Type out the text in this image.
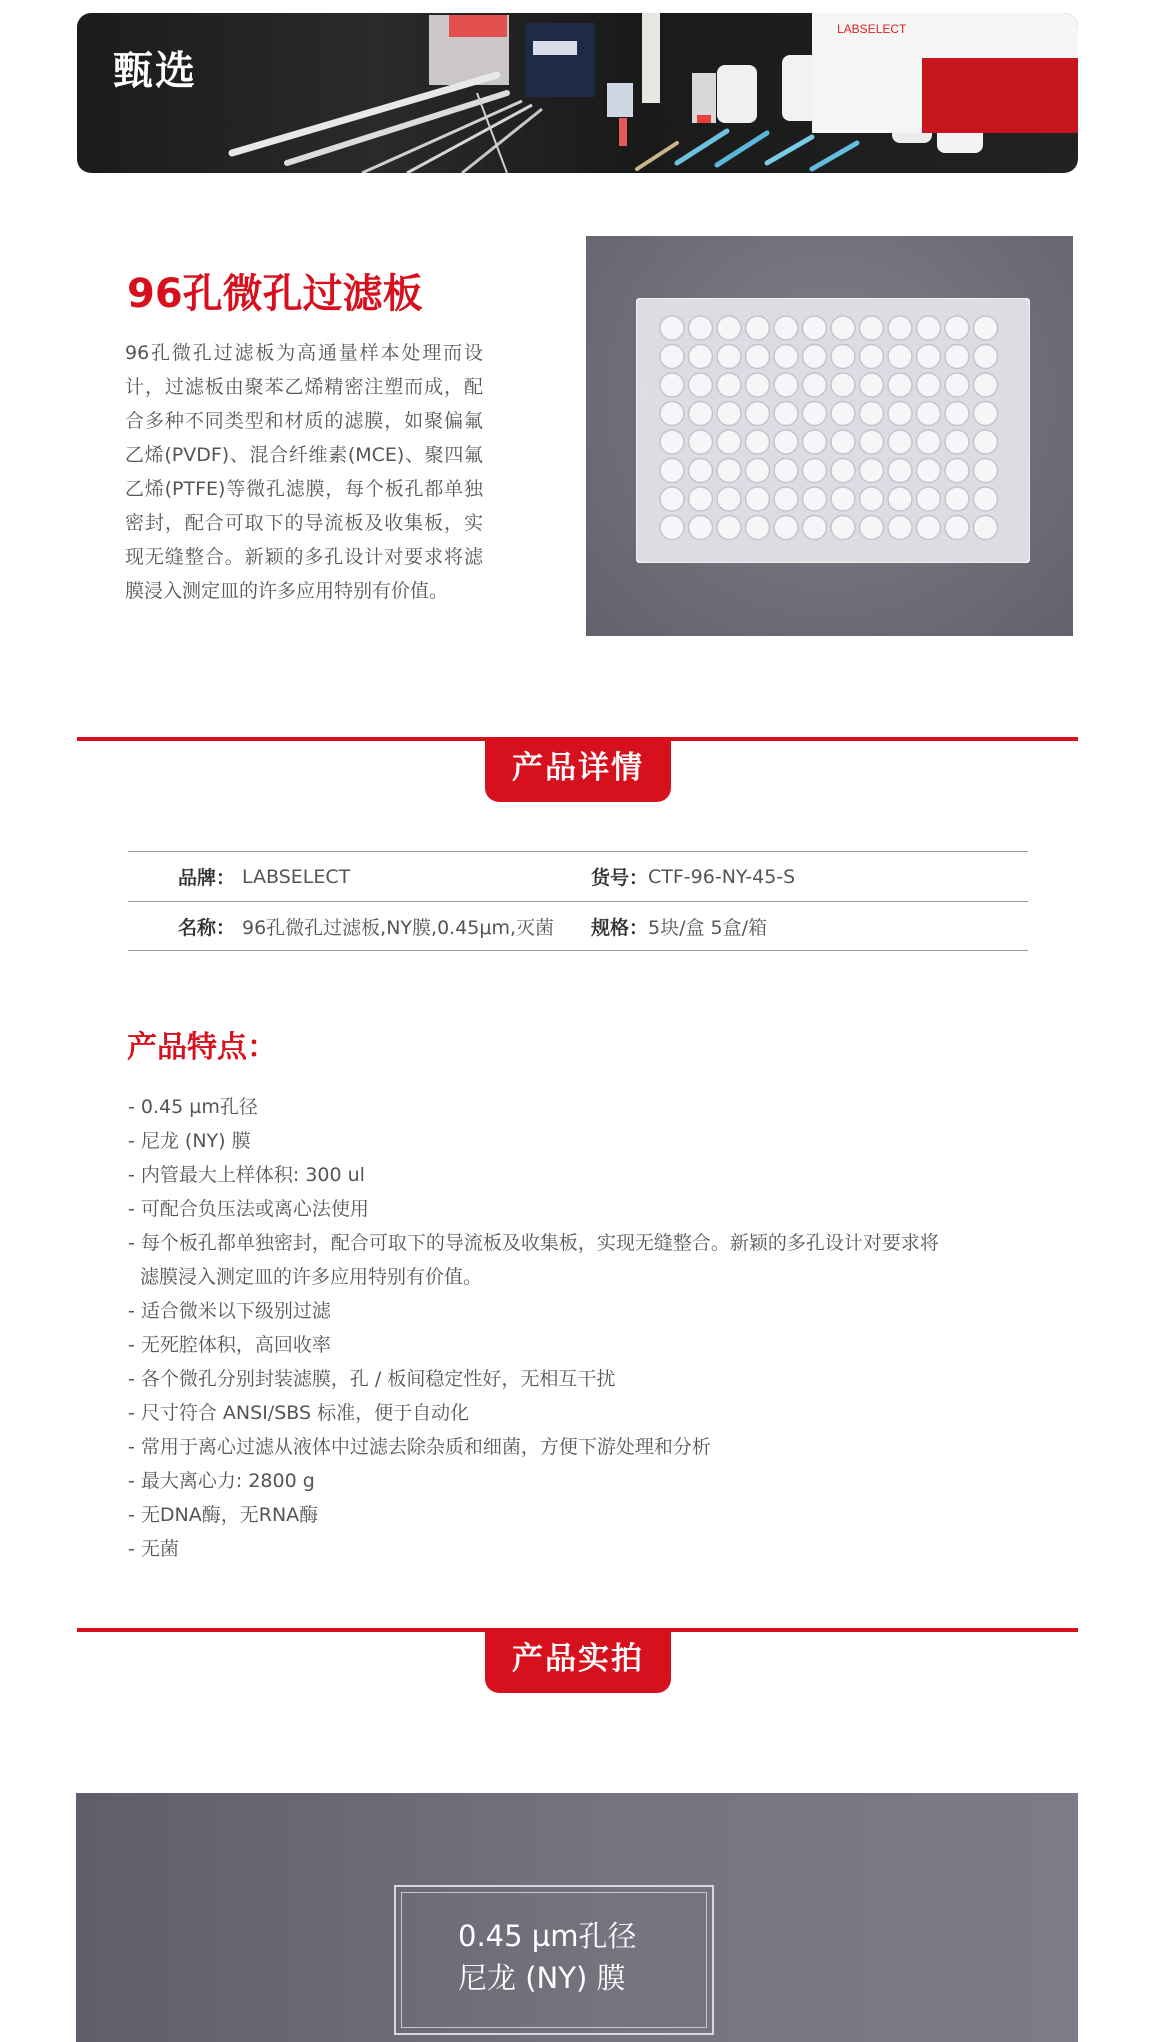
LABSELECT
甄选
96孔微孔过滤板

96孔微孔过滤板为高通量样本处理而设计，过滤板由聚苯乙烯精密注塑而成，配合多种不同类型和材质的滤膜，如聚偏氟乙烯(PVDF)、混合纤维素(MCE)、聚四氟乙烯(PTFE)等微孔滤膜，每个板孔都单独密封，配合可取下的导流板及收集板，实现无缝整合。新颖的多孔设计对要求将滤膜浸入测定皿的许多应用特别有价值。

产品详情
品牌： LABSELECT	货号： CTF-96-NY-45-S
名称： 96孔微孔过滤板,NY膜,0.45μm,灭菌	规格： 5块/盒 5盒/箱
产品特点：
- 0.45 µm孔径
- 尼龙 (NY) 膜
- 内管最大上样体积: 300 ul
- 可配合负压法或离心法使用
- 每个板孔都单独密封，配合可取下的导流板及收集板，实现无缝整合。新颖的多孔设计对要求将滤膜浸入测定皿的许多应用特别有价值。
- 适合微米以下级别过滤
- 无死腔体积，高回收率
- 各个微孔分别封装滤膜，孔 / 板间稳定性好，无相互干扰
- 尺寸符合 ANSI/SBS 标准，便于自动化
- 常用于离心过滤从液体中过滤去除杂质和细菌，方便下游处理和分析
- 最大离心力: 2800 g
- 无DNA酶，无RNA酶
- 无菌
产品实拍
0.45 µm孔径
尼龙 (NY) 膜
